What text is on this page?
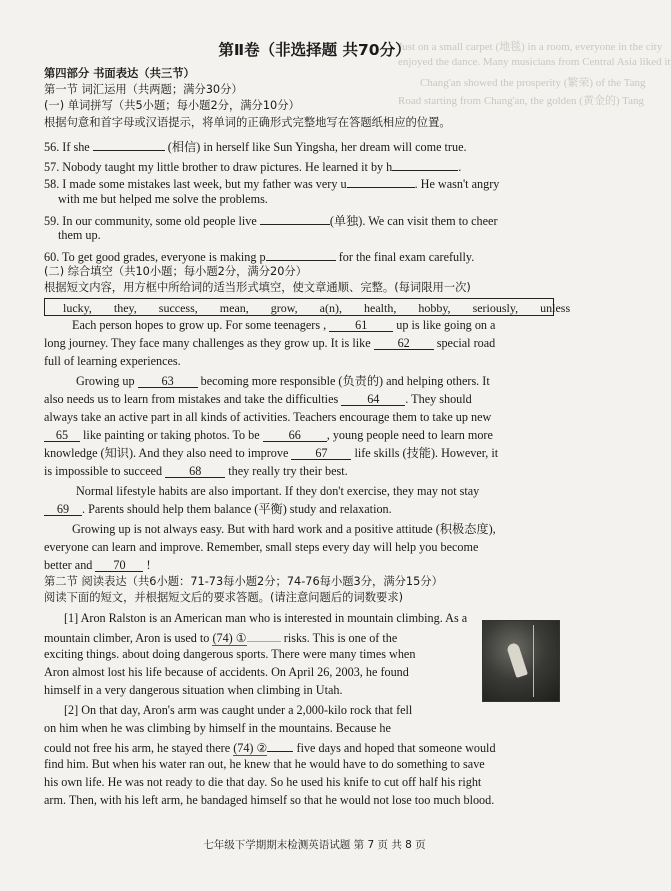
Just on a small carpet (地毯) in a room, everyone in the city
enjoyed the dance. Many musicians from Central Asia liked it
Chang'an showed the prosperity (繁荣) of the Tang
Road starting from Chang'an, the golden (黄金的) Tang
第Ⅱ卷（非选择题 共70分）
第四部分 书面表达（共三节）
第一节 词汇运用（共两题；满分30分）
(一) 单词拼写（共5小题；每小题2分，满分10分）
根据句意和首字母或汉语提示，将单词的正确形式完整地写在答题纸相应的位置。
56. If she	(相信) in herself like Sun Yingsha, her dream will come true.
57. Nobody taught my little brother to draw pictures. He learned it by h	.
58. I made some mistakes last week, but my father was very u	. He wasn't angry
with me but helped me solve the problems.
59. In our community, some old people live	(单独). We can visit them to cheer
them up.
60. To get good grades, everyone is making p	for the final exam carefully.
(二) 综合填空（共10小题；每小题2分，满分20分）
根据短文内容，用方框中所给词的适当形式填空，使文章通顺、完整。(每词限用一次)
lucky, they, success, mean, grow, a(n), health, hobby, seriously, unless
Each person hopes to grow up. For some teenagers , 61 up is like going on a
long journey. They face many challenges as they grow up. It is like 62 special road
full of learning experiences.
Growing up 63 becoming more responsible (负责的) and helping others. It
also needs us to learn from mistakes and take the difficulties 64 . They should
always take an active part in all kinds of activities. Teachers encourage them to take up new
65 like painting or taking photos. To be 66 , young people need to learn more
knowledge (知识). And they also need to improve 67 life skills (技能). However, it
is impossible to succeed 68 they really try their best.
Normal lifestyle habits are also important. If they don't exercise, they may not stay
69 . Parents should help them balance (平衡) study and relaxation.
Growing up is not always easy. But with hard work and a positive attitude (积极态度),
everyone can learn and improve. Remember, small steps every day will help you become
better and 70 !
第二节 阅读表达（共6小题：71-73每小题2分；74-76每小题3分，满分15分）
阅读下面的短文，并根据短文后的要求答题。(请注意问题后的词数要求)
[1] Aron Ralston is an American man who is interested in mountain climbing. As a
mountain climber, Aron is used to (74) ①	risks. This is one of the
exciting things. about doing dangerous sports. There were many times when
Aron almost lost his life because of accidents. On April 26, 2003, he found
himself in a very dangerous situation when climbing in Utah.
[2] On that day, Aron's arm was caught under a 2,000-kilo rock that fell
on him when he was climbing by himself in the mountains. Because he
could not free his arm, he stayed there (74) ② five days and hoped that someone would
find him. But when his water ran out, he knew that he would have to do something to save
his own life. He was not ready to die that day. So he used his knife to cut off half his right
arm. Then, with his left arm, he bandaged himself so that he would not lose too much blood.
七年级下学期期末检测英语试题 第 7 页 共 8 页
